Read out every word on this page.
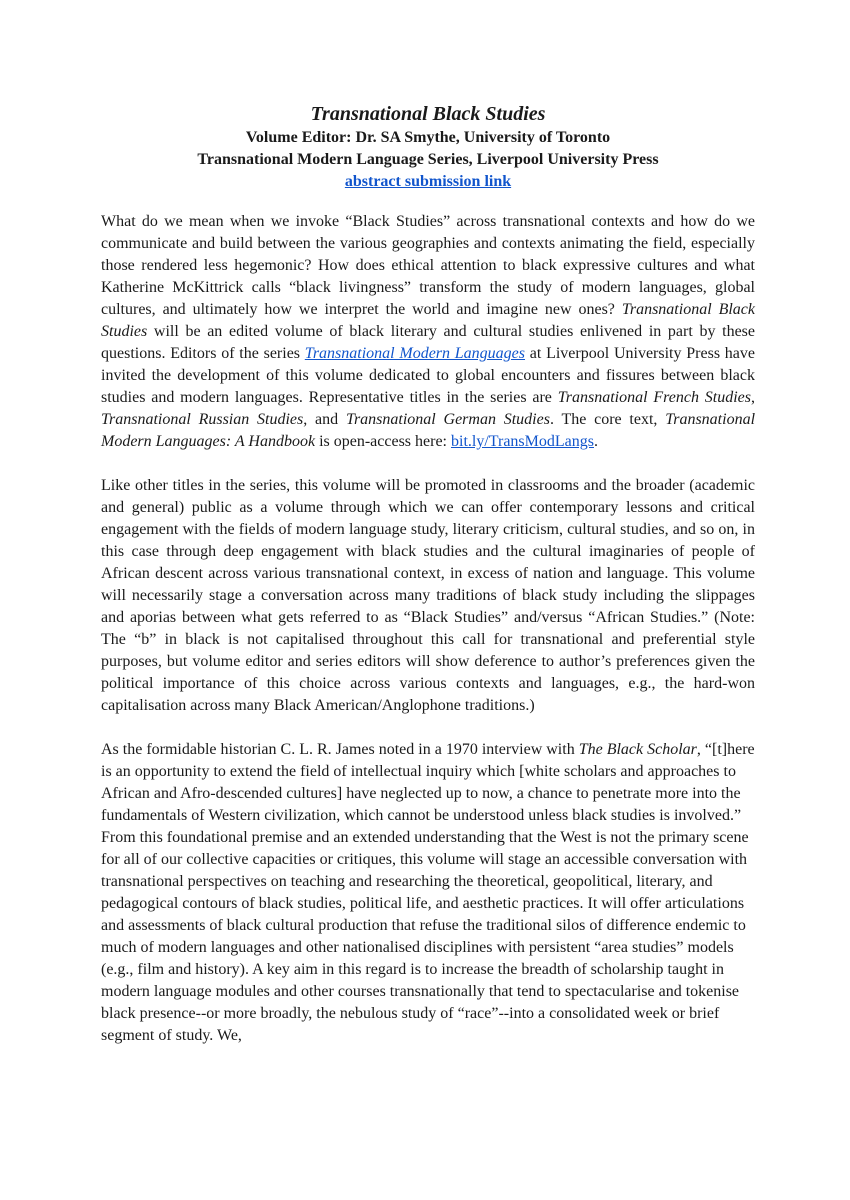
Transnational Black Studies
Volume Editor: Dr. SA Smythe, University of Toronto
Transnational Modern Language Series, Liverpool University Press
abstract submission link

What do we mean when we invoke “Black Studies” across transnational contexts and how do we communicate and build between the various geographies and contexts animating the field, especially those rendered less hegemonic? How does ethical attention to black expressive cultures and what Katherine McKittrick calls “black livingness” transform the study of modern languages, global cultures, and ultimately how we interpret the world and imagine new ones? Transnational Black Studies will be an edited volume of black literary and cultural studies enlivened in part by these questions. Editors of the series Transnational Modern Languages at Liverpool University Press have invited the development of this volume dedicated to global encounters and fissures between black studies and modern languages. Representative titles in the series are Transnational French Studies, Transnational Russian Studies, and Transnational German Studies. The core text, Transnational Modern Languages: A Handbook is open-access here: bit.ly/TransModLangs.

Like other titles in the series, this volume will be promoted in classrooms and the broader (academic and general) public as a volume through which we can offer contemporary lessons and critical engagement with the fields of modern language study, literary criticism, cultural studies, and so on, in this case through deep engagement with black studies and the cultural imaginaries of people of African descent across various transnational context, in excess of nation and language. This volume will necessarily stage a conversation across many traditions of black study including the slippages and aporias between what gets referred to as “Black Studies” and/versus “African Studies.” (Note: The “b” in black is not capitalised throughout this call for transnational and preferential style purposes, but volume editor and series editors will show deference to author’s preferences given the political importance of this choice across various contexts and languages, e.g., the hard-won capitalisation across many Black American/Anglophone traditions.)

As the formidable historian C. L. R. James noted in a 1970 interview with The Black Scholar, “[t]here is an opportunity to extend the field of intellectual inquiry which [white scholars and approaches to African and Afro-descended cultures] have neglected up to now, a chance to penetrate more into the fundamentals of Western civilization, which cannot be understood unless black studies is involved.” From this foundational premise and an extended understanding that the West is not the primary scene for all of our collective capacities or critiques, this volume will stage an accessible conversation with transnational perspectives on teaching and researching the theoretical, geopolitical, literary, and pedagogical contours of black studies, political life, and aesthetic practices. It will offer articulations and assessments of black cultural production that refuse the traditional silos of difference endemic to much of modern languages and other nationalised disciplines with persistent “area studies” models (e.g., film and history). A key aim in this regard is to increase the breadth of scholarship taught in modern language modules and other courses transnationally that tend to spectacularise and tokenise black presence--or more broadly, the nebulous study of “race”--into a consolidated week or brief segment of study. We,
